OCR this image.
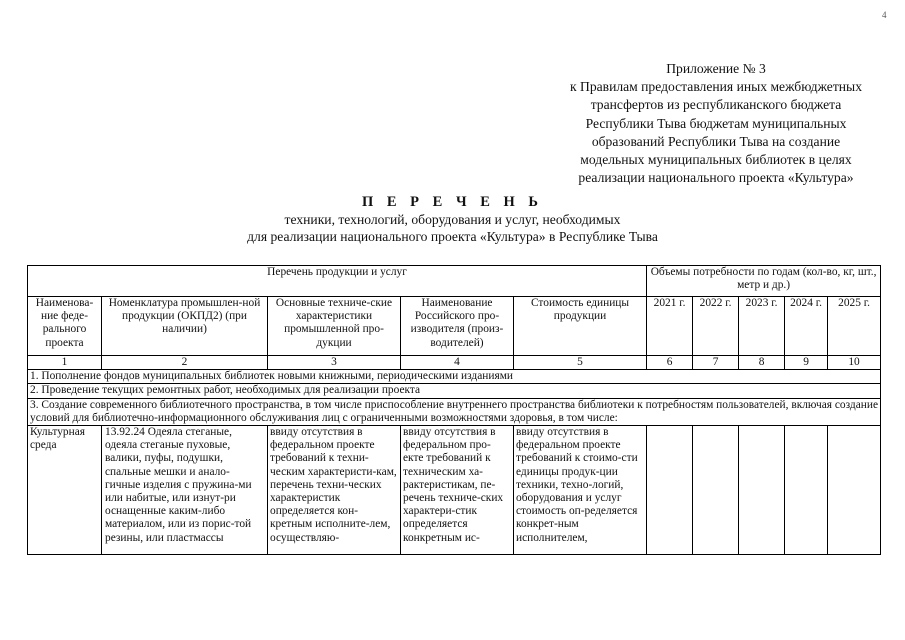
4
Приложение № 3
к Правилам предоставления иных межбюджетных
трансфертов из республиканского бюджета
Республики Тыва бюджетам муниципальных
образований Республики Тыва на создание
модельных муниципальных библиотек в целях
реализации национального проекта «Культура»
П Е Р Е Ч Е Н Ь
техники, технологий, оборудования и услуг, необходимых
для реализации национального проекта «Культура» в Республике Тыва
Перечень продукции и услуг					Объемы потребности по годам (кол-во, кг, шт., метр и др.)				
Наименова-ние феде-рального проекта	Номенклатура промышлен-ной продукции (ОКПД2) (при наличии)	Основные техниче-ские характеристики промышленной про-дукции	Наименование Российского про-изводителя (произ-водителей)	Стоимость единицы продукции	2021 г.	2022 г.	2023 г.	2024 г.	2025 г.
1	2	3	4	5	6	7	8	9	10
1. Пополнение фондов муниципальных библиотек новыми книжными, периодическими изданиями									
2. Проведение текущих ремонтных работ, необходимых для реализации проекта									
3. Создание современного библиотечного пространства, в том числе приспособление внутреннего пространства библиотеки к потребностям пользователей, включая создание условий для библиотечно-информационного обслуживания лиц с ограниченными возможностями здоровья, в том числе:									
Культурная среда	13.92.24 Одеяла стеганые, одеяла стеганые пуховые, валики, пуфы, подушки, спальные мешки и анало-гичные изделия с пружина-ми или набитые, или изнут-ри оснащенные каким-либо материалом, или из порис-той резины, или пластмассы	ввиду отсутствия в федеральном проекте требований к техни-ческим характеристи-кам, перечень техни-ческих характеристик определяется кон-кретным исполните-лем, осуществляю-	ввиду отсутствия в федеральном про-екте требований к техническим ха-рактеристикам, пе-речень техниче-ских характери-стик определяется конкретным ис-	ввиду отсутствия в федеральном проекте требований к стоимо-сти единицы продук-ции техники, техно-логий, оборудования и услуг стоимость оп-ределяется конкрет-ным исполнителем,					
